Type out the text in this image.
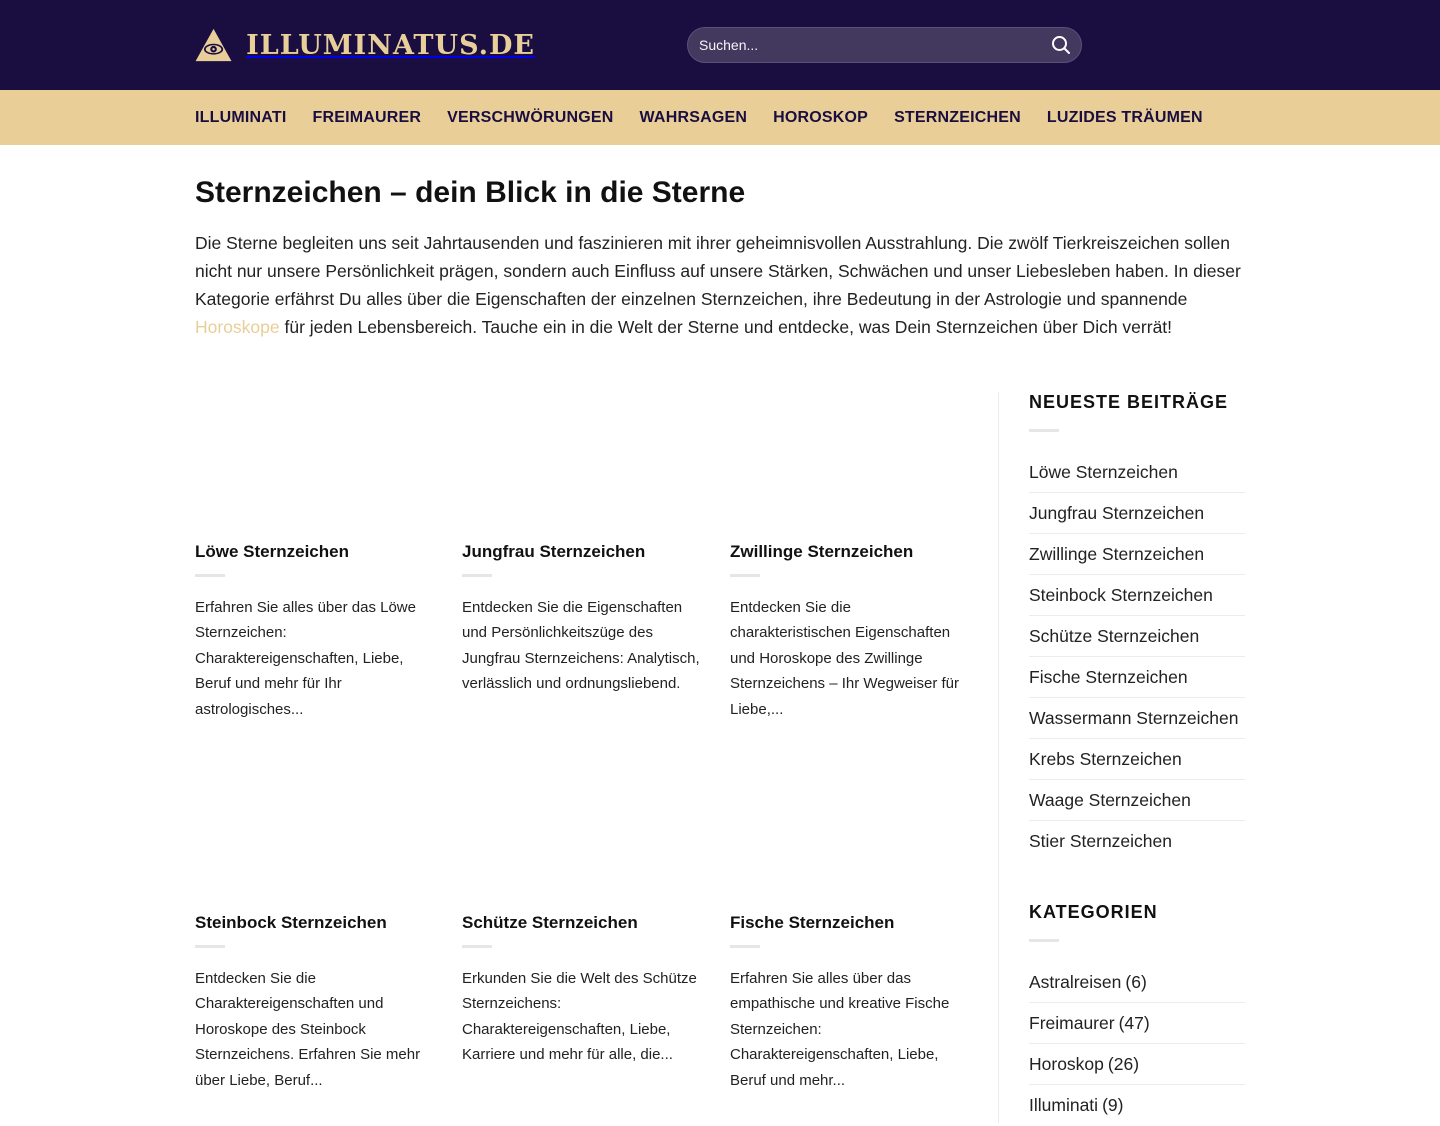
ILLUMINATUS.DE
Suchen...
ILLUMINATI FREIMAURER VERSCHWÖRUNGEN WAHRSAGEN HOROSKOP STERNZEICHEN LUZIDES TRÄUMEN
Sternzeichen – dein Blick in die Sterne

Die Sterne begleiten uns seit Jahrtausenden und faszinieren mit ihrer geheimnisvollen Ausstrahlung. Die zwölf Tierkreiszeichen sollen nicht nur unsere Persönlichkeit prägen, sondern auch Einfluss auf unsere Stärken, Schwächen und unser Liebesleben haben. In dieser Kategorie erfährst Du alles über die Eigenschaften der einzelnen Sternzeichen, ihre Bedeutung in der Astrologie und spannende Horoskope für jeden Lebensbereich. Tauche ein in die Welt der Sterne und entdecke, was Dein Sternzeichen über Dich verrät!

Löwe Sternzeichen

Erfahren Sie alles über das Löwe Sternzeichen: Charaktereigenschaften, Liebe, Beruf und mehr für Ihr astrologisches...

Jungfrau Sternzeichen

Entdecken Sie die Eigenschaften und Persönlichkeitszüge des Jungfrau Sternzeichens: Analytisch, verlässlich und ordnungsliebend.

Zwillinge Sternzeichen

Entdecken Sie die charakteristischen Eigenschaften und Horoskope des Zwillinge Sternzeichens – Ihr Wegweiser für Liebe,...

Steinbock Sternzeichen

Entdecken Sie die Charaktereigenschaften und Horoskope des Steinbock Sternzeichens. Erfahren Sie mehr über Liebe, Beruf...

Schütze Sternzeichen

Erkunden Sie die Welt des Schütze Sternzeichens: Charaktereigenschaften, Liebe, Karriere und mehr für alle, die...

Fische Sternzeichen

Erfahren Sie alles über das empathische und kreative Fische Sternzeichen: Charaktereigenschaften, Liebe, Beruf und mehr...

NEUESTE BEITRÄGE
Löwe Sternzeichen
Jungfrau Sternzeichen
Zwillinge Sternzeichen
Steinbock Sternzeichen
Schütze Sternzeichen
Fische Sternzeichen
Wassermann Sternzeichen
Krebs Sternzeichen
Waage Sternzeichen
Stier Sternzeichen
KATEGORIEN
Astralreisen (6)
Freimaurer (47)
Horoskop (26)
Illuminati (9)
